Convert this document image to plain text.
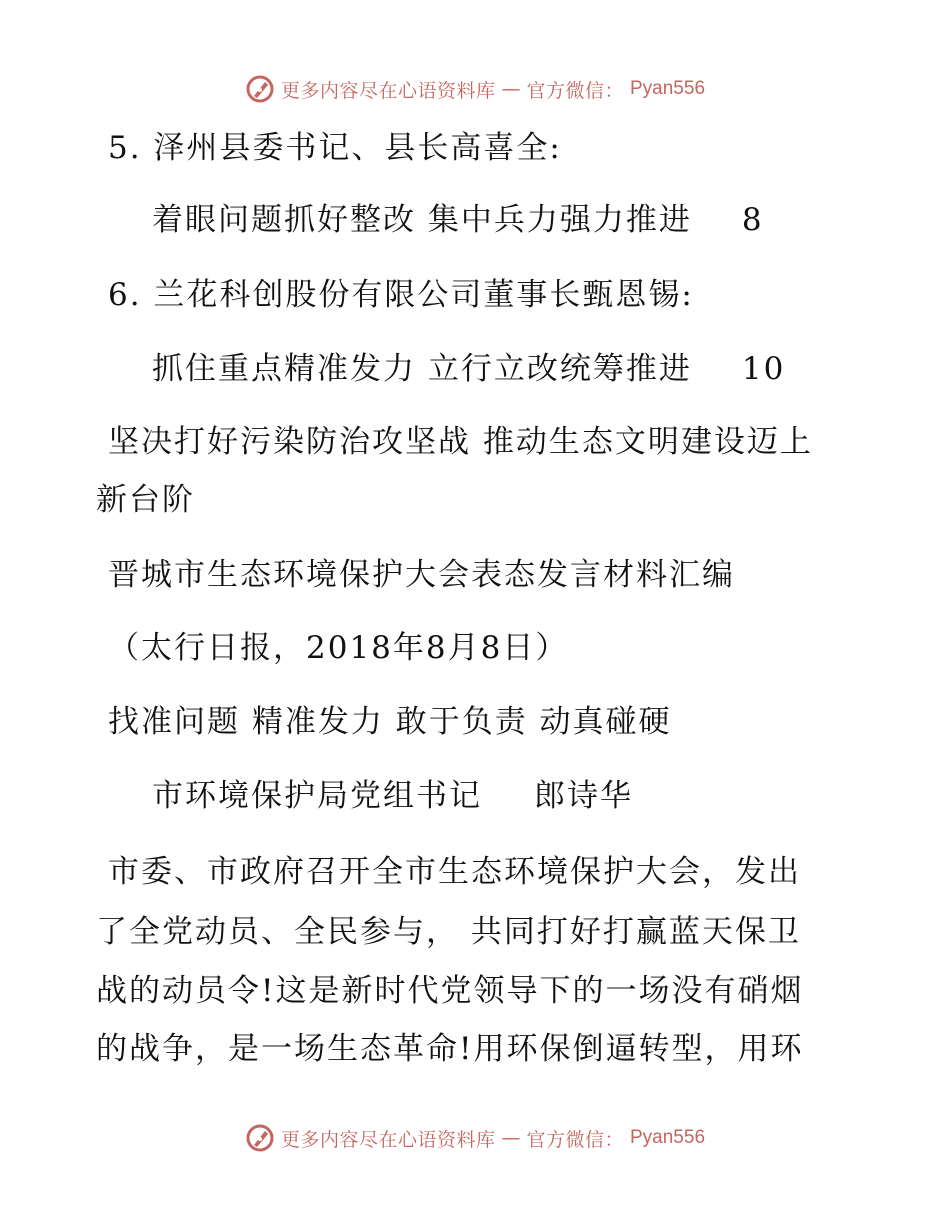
更多内容尽在心语资料库 — 官方微信： Pyan556
5. 泽州县委书记、县长高喜全:
着眼问题抓好整改 集中兵力强力推进 8
6. 兰花科创股份有限公司董事长甄恩锡:
抓住重点精准发力 立行立改统筹推进 10
坚决打好污染防治攻坚战 推动生态文明建设迈上
新台阶
晋城市生态环境保护大会表态发言材料汇编
（太行日报，2018年8月8日）
找准问题 精准发力 敢于负责 动真碰硬
市环境保护局党组书记 郎诗华
市委、市政府召开全市生态环境保护大会，发出
了全党动员、全民参与， 共同打好打赢蓝天保卫
战的动员令!这是新时代党领导下的一场没有硝烟
的战争，是一场生态革命!用环保倒逼转型，用环
更多内容尽在心语资料库 — 官方微信： Pyan556
